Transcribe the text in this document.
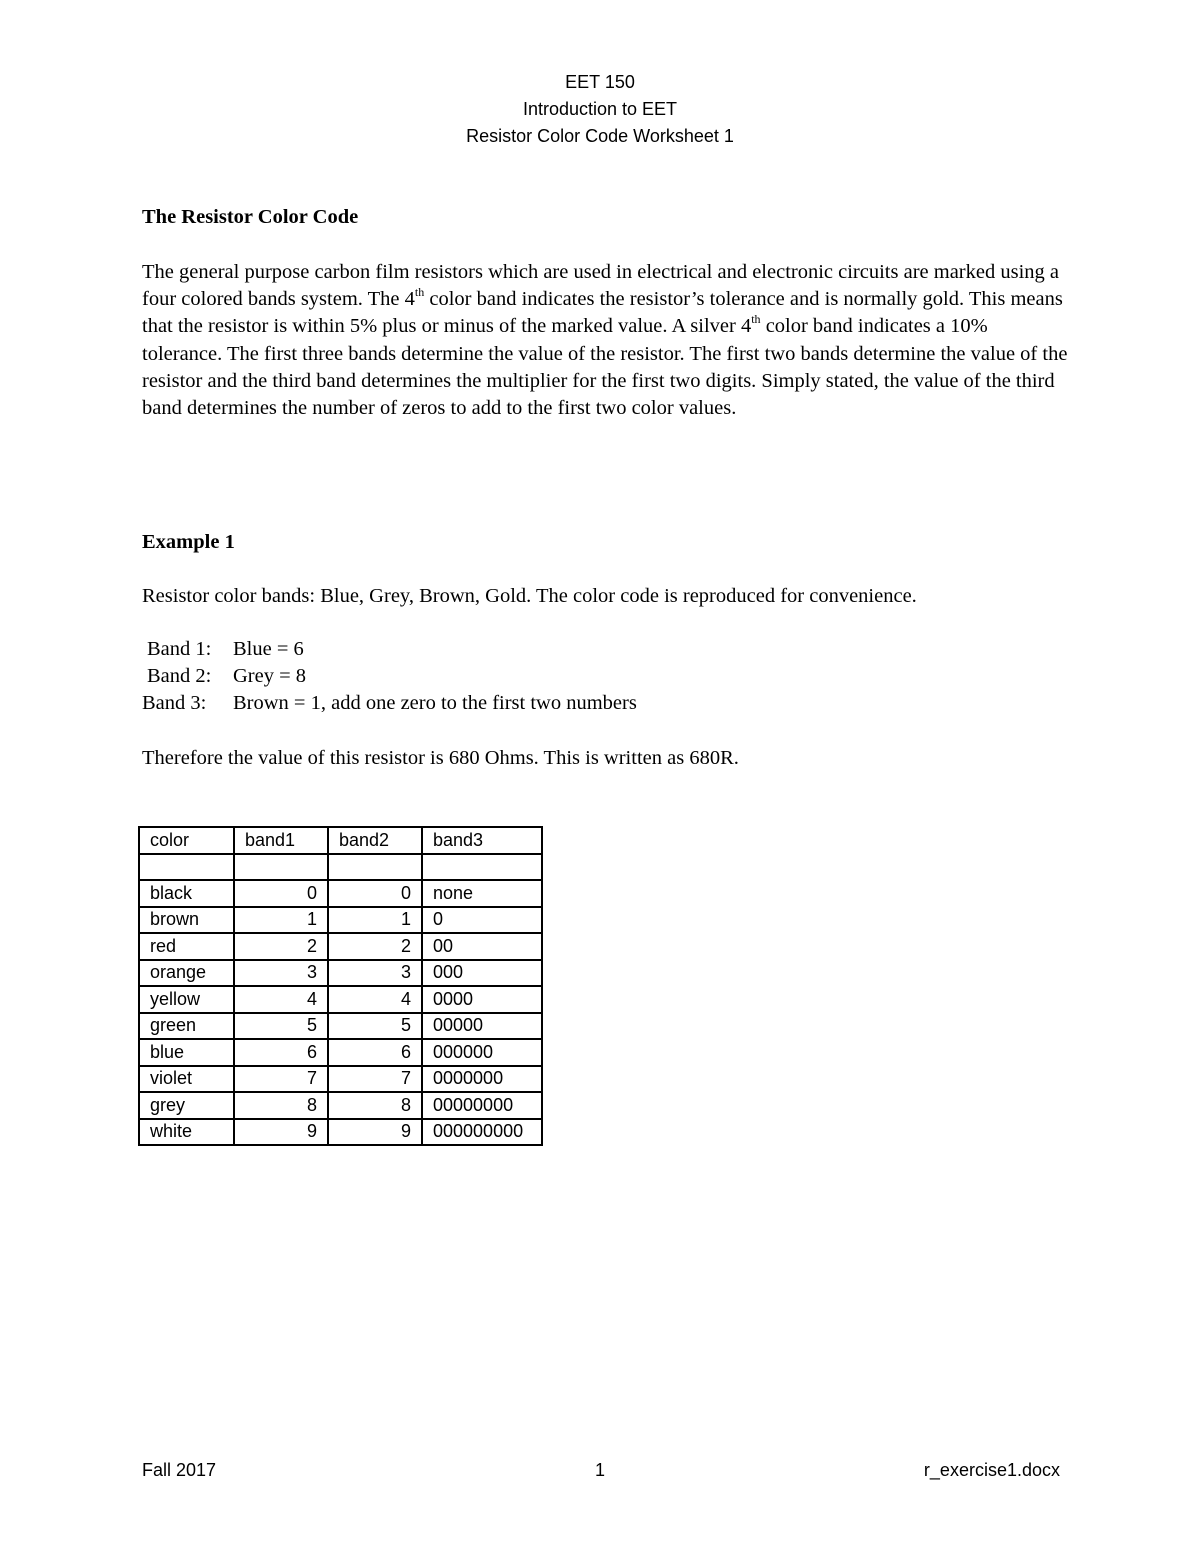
EET 150
Introduction to EET
Resistor Color Code Worksheet 1
The Resistor Color Code

The general purpose carbon film resistors which are used in electrical and electronic circuits are marked using a four colored bands system. The 4th color band indicates the resistor’s tolerance and is normally gold. This means that the resistor is within 5% plus or minus of the marked value. A silver 4th color band indicates a 10% tolerance. The first three bands determine the value of the resistor. The first two bands determine the value of the resistor and the third band determines the multiplier for the first two digits. Simply stated, the value of the third band determines the number of zeros to add to the first two color values.

Example 1
Resistor color bands: Blue, Grey, Brown, Gold. The color code is reproduced for convenience.
Band 1: Blue = 6
Band 2: Grey = 8
Band 3: Brown = 1, add one zero to the first two numbers
Therefore the value of this resistor is 680 Ohms. This is written as 680R.
color	band1	band2	band3

black	0	0	none
brown	1	1	0
red	2	2	00
orange	3	3	000
yellow	4	4	0000
green	5	5	00000
blue	6	6	000000
violet	7	7	0000000
grey	8	8	00000000
white	9	9	000000000
Fall 2017	1	r_exercise1.docx
